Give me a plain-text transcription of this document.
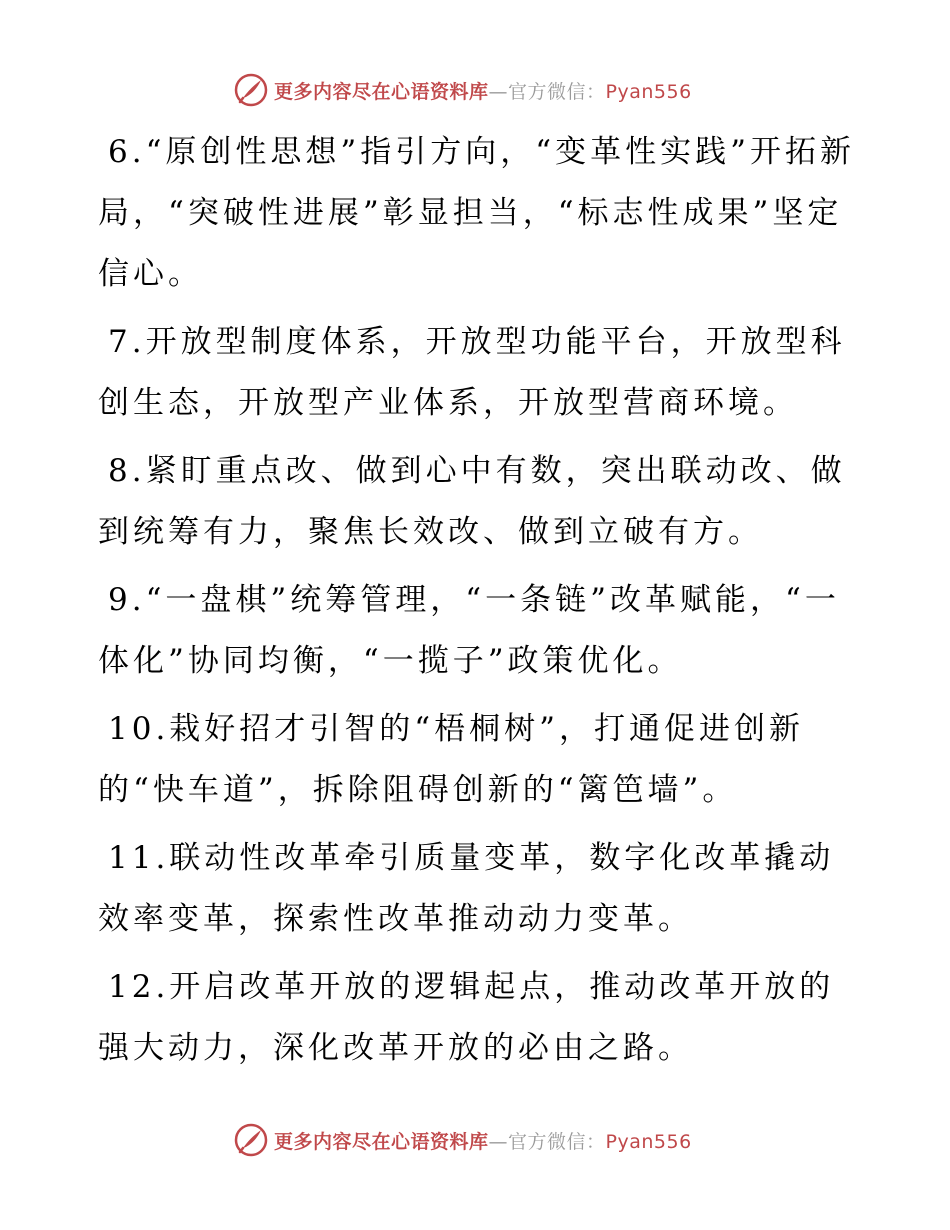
更多内容尽在心语资料库—官方微信：Pyan556

6.“原创性思想”指引方向，“变革性实践”开拓新局，“突破性进展”彰显担当，“标志性成果”坚定信心。

7.开放型制度体系，开放型功能平台，开放型科创生态，开放型产业体系，开放型营商环境。

8.紧盯重点改、做到心中有数，突出联动改、做到统筹有力，聚焦长效改、做到立破有方。

9.“一盘棋”统筹管理，“一条链”改革赋能，“一体化”协同均衡，“一揽子”政策优化。

10.栽好招才引智的“梧桐树”，打通促进创新的“快车道”，拆除阻碍创新的“篱笆墙”。

11.联动性改革牵引质量变革，数字化改革撬动效率变革，探索性改革推动动力变革。

12.开启改革开放的逻辑起点，推动改革开放的强大动力，深化改革开放的必由之路。

更多内容尽在心语资料库—官方微信：Pyan556
